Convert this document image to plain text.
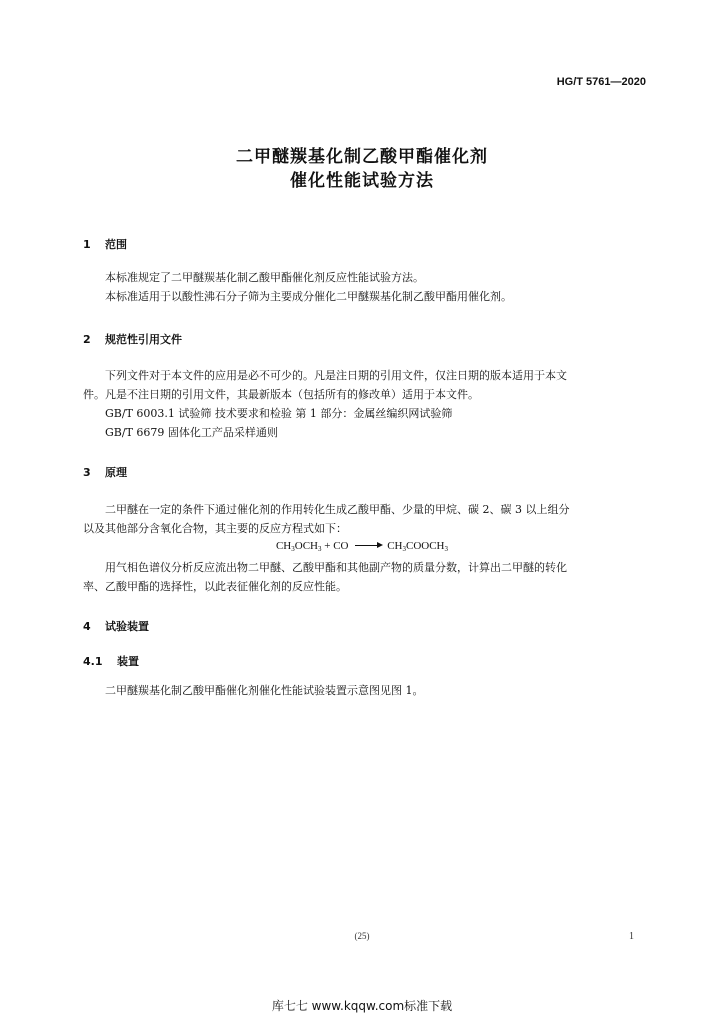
HG/T 5761—2020
二甲醚羰基化制乙酸甲酯催化剂
催化性能试验方法
1 范围
本标准规定了二甲醚羰基化制乙酸甲酯催化剂反应性能试验方法。
本标准适用于以酸性沸石分子筛为主要成分催化二甲醚羰基化制乙酸甲酯用催化剂。
2 规范性引用文件
下列文件对于本文件的应用是必不可少的。凡是注日期的引用文件，仅注日期的版本适用于本文
件。凡是不注日期的引用文件，其最新版本（包括所有的修改单）适用于本文件。
GB/T 6003.1 试验筛 技术要求和检验 第 1 部分：金属丝编织网试验筛
GB/T 6679 固体化工产品采样通则
3 原理
二甲醚在一定的条件下通过催化剂的作用转化生成乙酸甲酯、少量的甲烷、碳 2、碳 3 以上组分
以及其他部分含氧化合物，其主要的反应方程式如下：
$CH_3OCH_3$ + CO	$CH_3COOCH_3$
用气相色谱仪分析反应流出物二甲醚、乙酸甲酯和其他副产物的质量分数，计算出二甲醚的转化
率、乙酸甲酯的选择性，以此表征催化剂的反应性能。
4 试验装置
4.1 装置
二甲醚羰基化制乙酸甲酯催化剂催化性能试验装置示意图见图 1。
(25)	1
库七七 www.kqqw.com标准下载
